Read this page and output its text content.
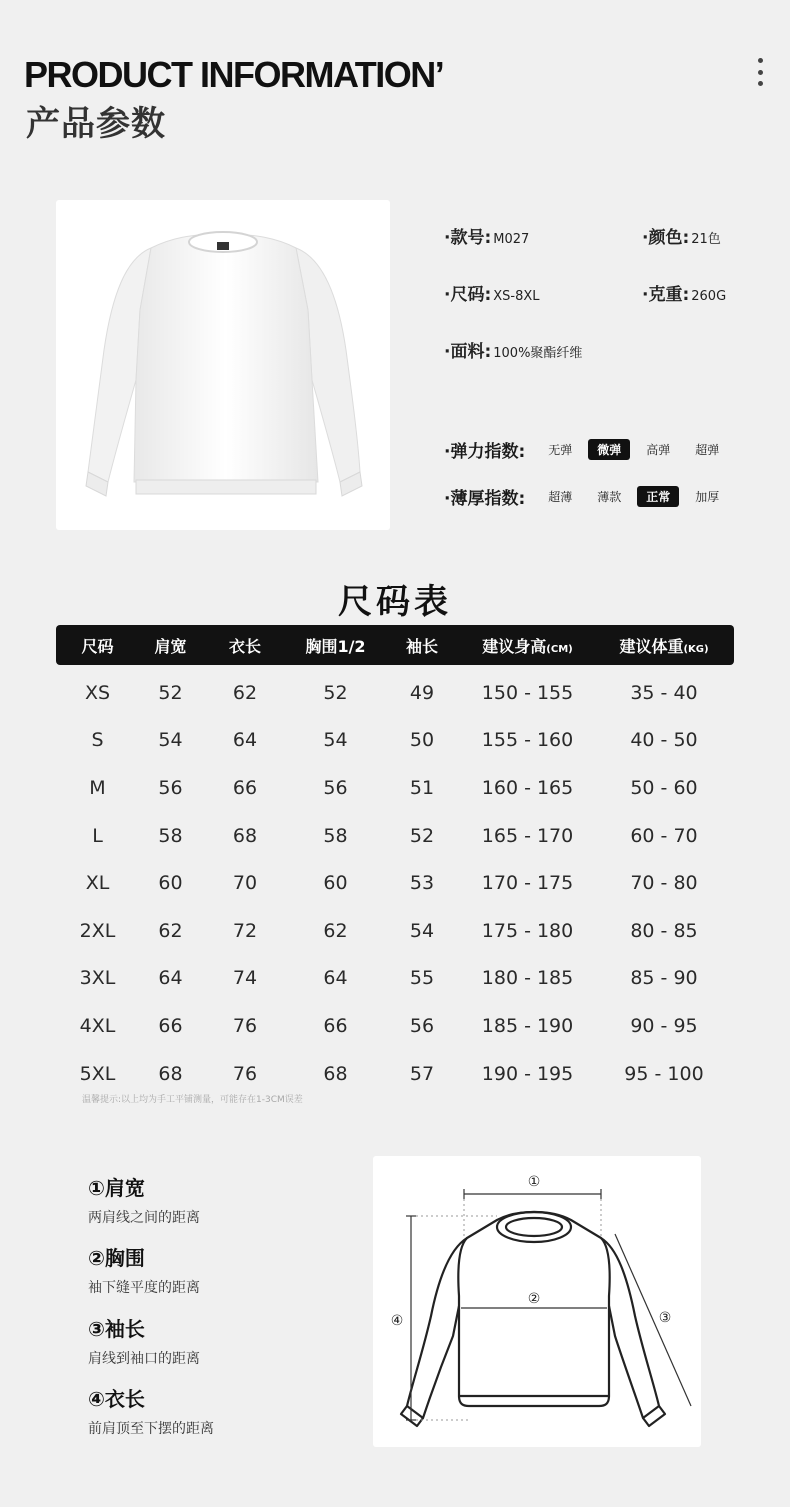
PRODUCT INFORMATION’
产品参数
·款号: M027	·颜色: 21色
·尺码: XS-8XL	·克重: 260G
·面料: 100%聚酯纤维
·弹力指数:	无弹	微弹	高弹	超弹
·薄厚指数:	超薄	薄款	正常	加厚
尺码表
尺码	肩宽	衣长	胸围1/2	袖长	建议身高(CM)	建议体重(KG)
XS	52	62	52	49	150 - 155	35 - 40
S	54	64	54	50	155 - 160	40 - 50
M	56	66	56	51	160 - 165	50 - 60
L	58	68	58	52	165 - 170	60 - 70
XL	60	70	60	53	170 - 175	70 - 80
2XL	62	72	62	54	175 - 180	80 - 85
3XL	64	74	64	55	180 - 185	85 - 90
4XL	66	76	66	56	185 - 190	90 - 95
5XL	68	76	68	57	190 - 195	95 - 100
温馨提示:以上均为手工平铺测量，可能存在1-3CM误差
①肩宽
两肩线之间的距离
②胸围
袖下缝平度的距离
③袖长
肩线到袖口的距离
④衣长
前肩顶至下摆的距离
①
②
③
④
